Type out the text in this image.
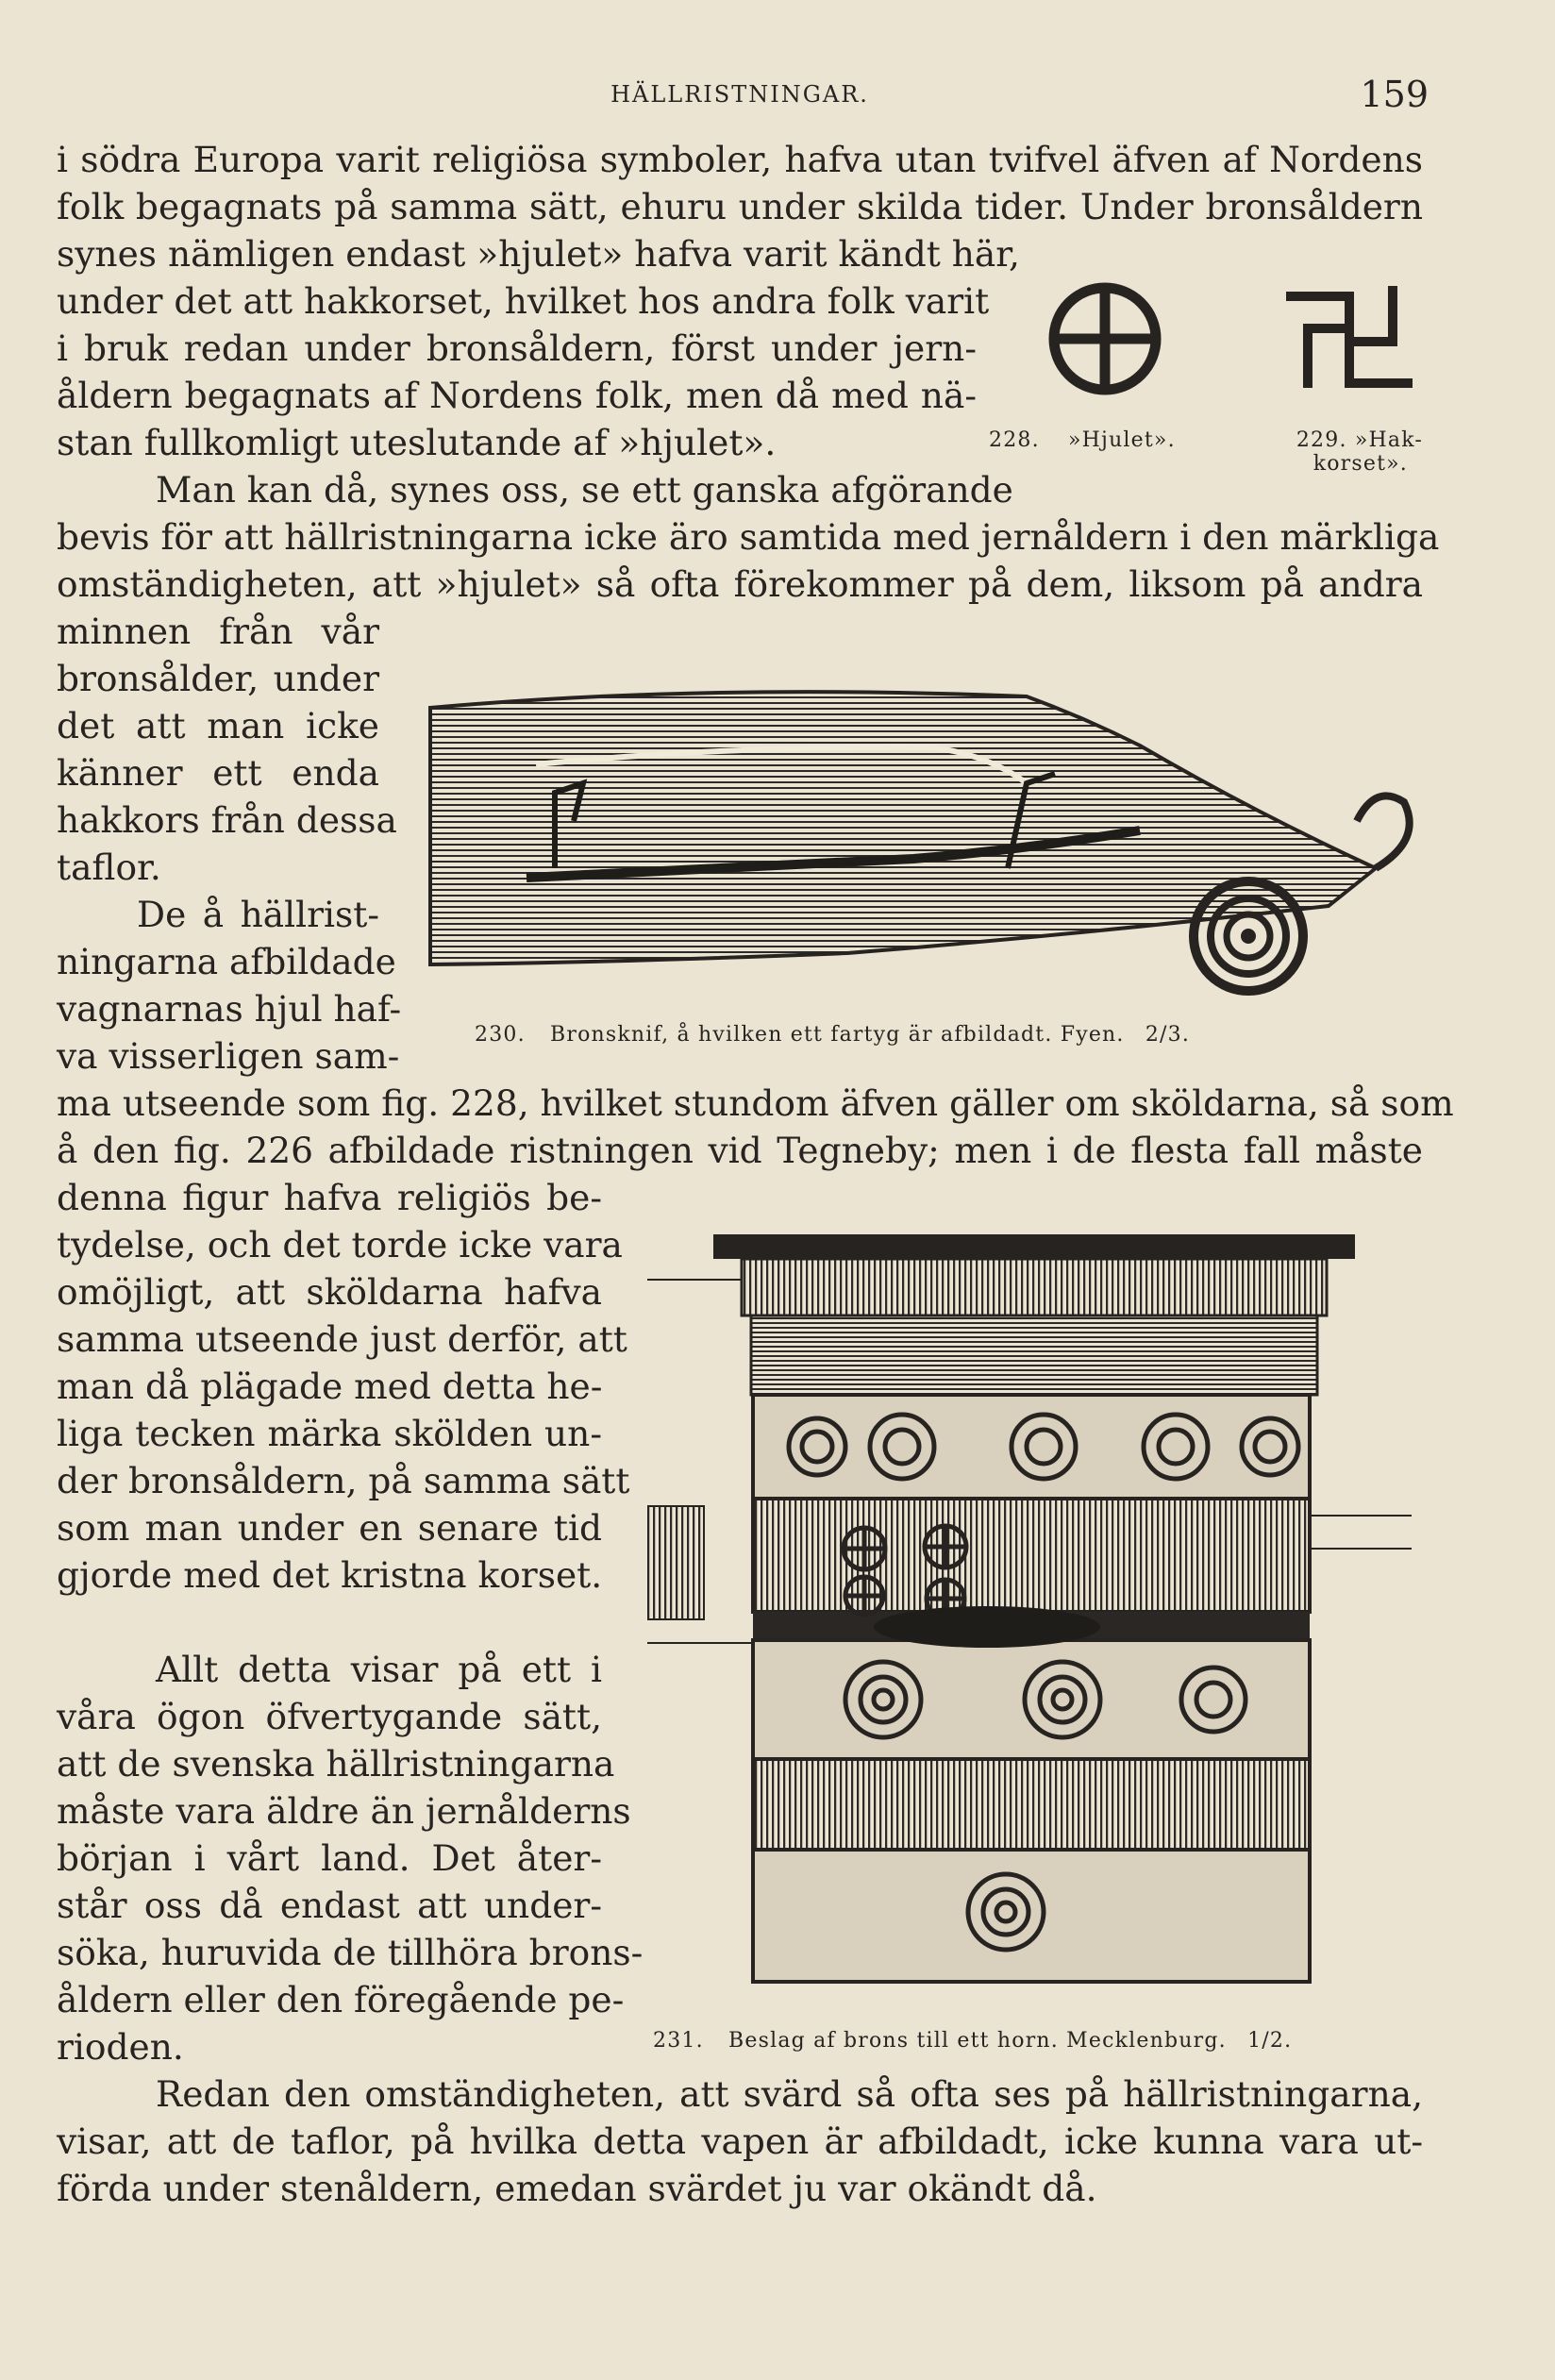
HÄLLRISTNINGAR.	159
i södra Europa varit religiösa symboler, hafva utan tvifvel äfven af Nordens
folk begagnats på samma sätt, ehuru under skilda tider. Under bronsåldern
synes nämligen endast »hjulet» hafva varit kändt här,
under det att hakkorset, hvilket hos andra folk varit
i bruk redan under bronsåldern, först under jern-
åldern begagnats af Nordens folk, men då med nä-
stan fullkomligt uteslutande af »hjulet».
Man kan då, synes oss, se ett ganska afgörande
bevis för att hällristningarna icke äro samtida med jernåldern i den märkliga
omständigheten, att »hjulet» så ofta förekommer på dem, liksom på andra
minnen från vår
bronsålder, under
det att man icke
känner ett enda
hakkors från dessa
taflor.
De å hällrist-
ningarna afbildade
vagnarnas hjul haf-
va visserligen sam-
ma utseende som fig. 228, hvilket stundom äfven gäller om sköldarna, så som
å den fig. 226 afbildade ristningen vid Tegneby; men i de flesta fall måste
denna figur hafva religiös be-
tydelse, och det torde icke vara
omöjligt, att sköldarna hafva
samma utseende just derför, att
man då plägade med detta he-
liga tecken märka skölden un-
der bronsåldern, på samma sätt
som man under en senare tid
gjorde med det kristna korset.
Allt detta visar på ett i
våra ögon öfvertygande sätt,
att de svenska hällristningarna
måste vara äldre än jernålderns
början i vårt land. Det åter-
står oss då endast att under-
söka, huruvida de tillhöra brons-
åldern eller den föregående pe-
rioden.
Redan den omständigheten, att svärd så ofta ses på hällristningarna,
visar, att de taflor, på hvilka detta vapen är afbildadt, icke kunna vara ut-
förda under stenåldern, emedan svärdet ju var okändt då.
228. »Hjulet».	229. »Hak-
korset».
230. Bronsknif, å hvilken ett fartyg är afbildadt. Fyen. 2/3.
231. Beslag af brons till ett horn. Mecklenburg. 1/2.
